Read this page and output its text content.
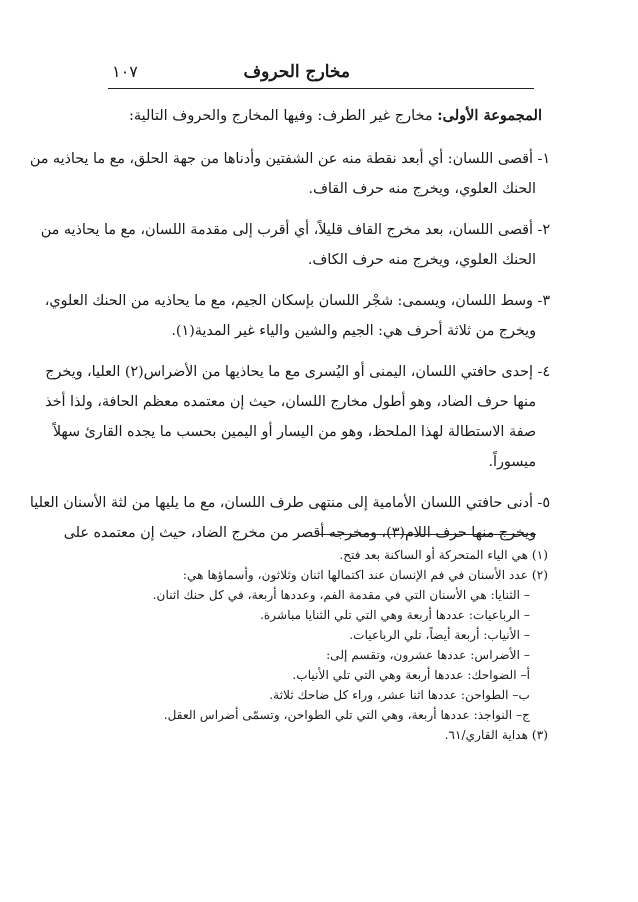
مخارج الحروف
١٠٧
المجموعة الأولى: مخارج غير الطرف: وفيها المخارج والحروف التالية:
١- أقصى اللسان: أي أبعد نقطة منه عن الشفتين وأدناها من جهة الحلق، مع ما يحاذيه من
الحنك العلوي، ويخرج منه حرف القاف.
٢- أقصى اللسان، بعد مخرج القاف قليلاً، أي أقرب إلى مقدمة اللسان، مع ما يحاذيه من
الحنك العلوي، ويخرج منه حرف الكاف.
٣- وسط اللسان، ويسمى: شجْر اللسان بإسكان الجيم، مع ما يحاذيه من الحنك العلوي،
ويخرج من ثلاثة أحرف هي: الجيم والشين والياء غير المدية(١).
٤- إحدى حافتي اللسان، اليمنى أو اليُسرى مع ما يحاذيها من الأضراس(٢) العليا، ويخرج
منها حرف الضاد، وهو أطول مخارج اللسان، حيث إن معتمده معظم الحافة، ولذا أخذ
صفة الاستطالة لهذا الملحظ، وهو من اليسار أو اليمين بحسب ما يجده القارئ سهلاً
ميسوراً.
٥- أدنى حافتي اللسان الأمامية إلى منتهى طرف اللسان، مع ما يليها من لثة الأسنان العليا
ويخرج منها حرف اللام(٣)، ومخرجه أقصر من مخرج الضاد، حيث إن معتمده على
(١) هي الياء المتحركة أو الساكنة بعد فتح.
(٢) عدد الأسنان في فم الإنسان عند اكتمالها اثنان وثلاثون، وأسماؤها هي:
– الثنايا: هي الأسنان التي في مقدمة الفم، وعددها أربعة، في كل حنك اثنان.
– الرباعيات: عددها أربعة وهي التي تلي الثنايا مباشرة.
– الأنياب: أربعة أيضاً، تلي الرباعيات.
– الأضراس: عددها عشرون، وتقسم إلى:
أ– الضواحك: عددها أربعة وهي التي تلي الأنياب.
ب– الطواحن: عددها اثنا عشر، وراء كل ضاحك ثلاثة.
ج– النواجذ: عددها أربعة، وهي التي تلي الطواحن، وتسمّى أضراس العقل.
(٣) هداية القاري/٦١.
